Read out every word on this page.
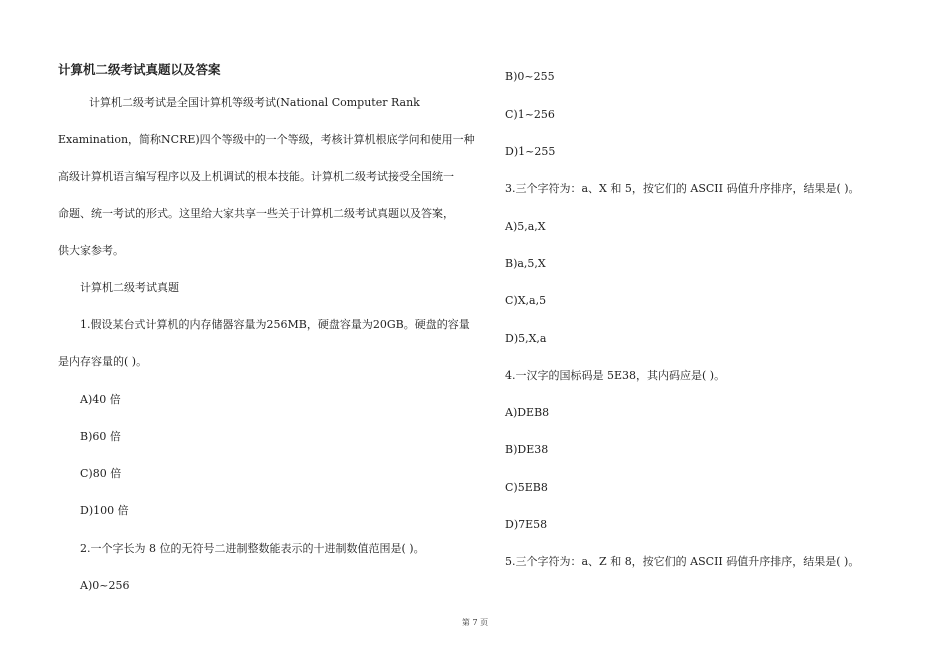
计算机二级考试真题以及答案
计算机二级考试是全国计算机等级考试(National Computer Rank
Examination，简称NCRE)四个等级中的一个等级，考核计算机根底学问和使用一种
高级计算机语言编写程序以及上机调试的根本技能。计算机二级考试接受全国统一
命题、统一考试的形式。这里给大家共享一些关于计算机二级考试真题以及答案，
供大家参考。
计算机二级考试真题
1.假设某台式计算机的内存储器容量为256MB，硬盘容量为20GB。硬盘的容量
是内存容量的( )。
A)40 倍
B)60 倍
C)80 倍
D)100 倍
2.一个字长为 8 位的无符号二进制整数能表示的十进制数值范围是( )。
A)0~256
B)0~255
C)1~256
D)1~255
3.三个字符为：a、X 和 5，按它们的 ASCII 码值升序排序，结果是( )。
A)5,a,X
B)a,5,X
C)X,a,5
D)5,X,a
4.一汉字的国标码是 5E38，其内码应是( )。
A)DEB8
B)DE38
C)5EB8
D)7E58
5.三个字符为：a、Z 和 8，按它们的 ASCII 码值升序排序，结果是( )。
第 7 页
